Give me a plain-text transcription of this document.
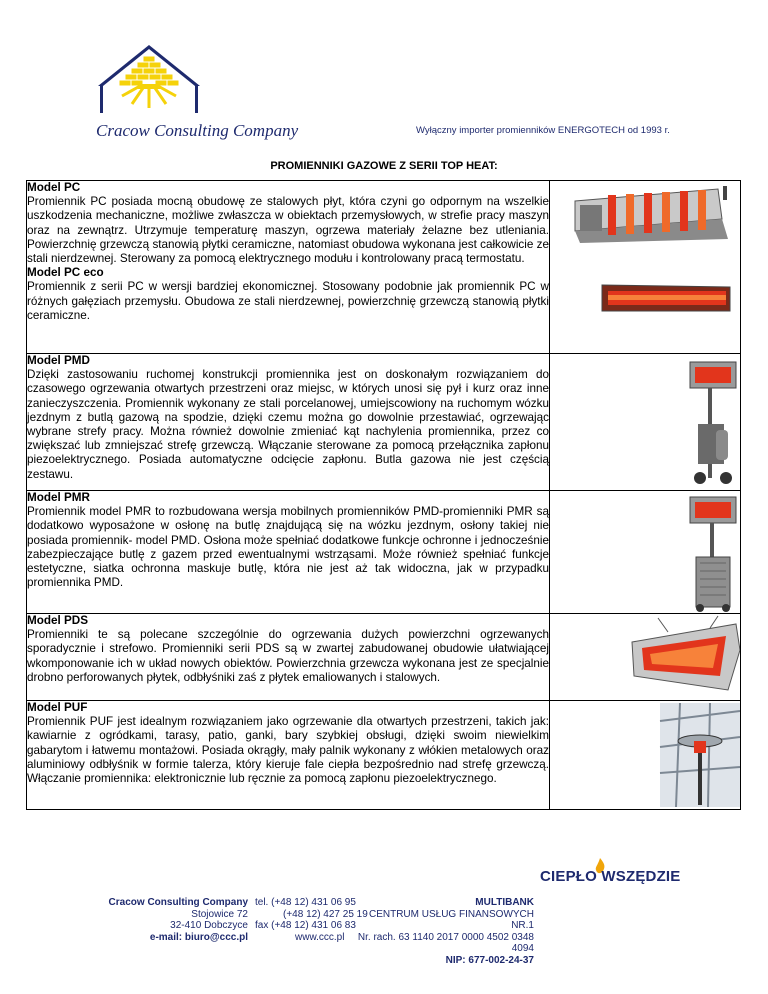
Cracow Consulting Company	Wyłączny importer promienników ENERGOTECH od 1993 r.
PROMIENNIKI GAZOWE Z SERII TOP HEAT:
Model PC
Promiennik PC posiada mocną obudowę ze stalowych płyt, która czyni go odpornym na wszelkie uszkodzenia mechaniczne, możliwe zwłaszcza w obiektach przemysłowych, w strefie pracy maszyn oraz na zewnątrz. Utrzymuje temperaturę maszyn, ogrzewa materiały żelazne bez utleniania. Powierzchnię grzewczą stanowią płytki ceramiczne, natomiast obudowa wykonana jest całkowicie ze stali nierdzewnej. Sterowany za pomocą elektrycznego modułu i kontrolowany pracą termostatu.
Model PC eco
Promiennik z serii PC w wersji bardziej ekonomicznej. Stosowany podobnie jak promiennik PC w różnych gałęziach przemysłu. Obudowa ze stali nierdzewnej, powierzchnię grzewczą stanowią płytki ceramiczne.

Model PMD
Dzięki zastosowaniu ruchomej konstrukcji promiennika jest on doskonałym rozwiązaniem do czasowego ogrzewania otwartych przestrzeni oraz miejsc, w których unosi się pył i kurz oraz inne zanieczyszczenia. Promiennik wykonany ze stali porcelanowej, umiejscowiony na ruchomym wózku jezdnym z butlą gazową na spodzie, dzięki czemu można go dowolnie przestawiać, ogrzewając wybrane strefy pracy. Można również dowolnie zmieniać kąt nachylenia promiennika, przez co zwiększać lub zmniejszać strefę grzewczą. Włączanie sterowane za pomocą przełącznika zapłonu piezoelektrycznego. Posiada automatyczne odcięcie zapłonu. Butla gazowa nie jest częścią zestawu.

Model PMR
Promiennik model PMR to rozbudowana wersja mobilnych promienników PMD-promienniki PMR są dodatkowo wyposażone w osłonę na butlę znajdującą się na wózku jezdnym, osłony takiej nie posiada promiennik- model PMD. Osłona może spełniać dodatkowe funkcje ochronne i jednocześnie zabezpieczające butlę z gazem przed ewentualnymi wstrząsami. Może również spełniać funkcje estetyczne, siatka ochronna maskuje butlę, która nie jest aż tak widoczna, jak w przypadku promiennika PMD.

Model PDS
Promienniki te są polecane szczególnie do ogrzewania dużych powierzchni ogrzewanych sporadycznie i strefowo. Promienniki serii PDS są w zwartej zabudowanej obudowie ułatwiającej wkomponowanie ich w układ nowych obiektów. Powierzchnia grzewcza wykonana jest ze specjalnie drobno perforowanych płytek, odbłyśniki zaś z płytek emaliowanych i stalowych.

Model PUF
Promiennik PUF jest idealnym rozwiązaniem jako ogrzewanie dla otwartych przestrzeni, takich jak: kawiarnie z ogródkami, tarasy, patio, ganki, bary szybkiej obsługi, dzięki swoim niewielkim gabarytom i łatwemu montażowi. Posiada okrągły, mały palnik wykonany z włókien metalowych oraz aluminiowy odbłyśnik w formie talerza, który kieruje fale ciepła bezpośrednio nad strefę grzewczą. Włączanie promiennika: elektronicznie lub ręcznie za pomocą zapłonu piezoelektrycznego.

CIEPŁO WSZĘDZIE
Cracow Consulting Company
Stojowice 72
32-410 Dobczyce
e-mail: biuro@ccc.pl
tel. (+48 12) 431 06 95
(+48 12) 427 25 19
fax (+48 12) 431 06 83
www.ccc.pl
MULTIBANK
CENTRUM USŁUG FINANSOWYCH NR.1
Nr. rach. 63 1140 2017 0000 4502 0348 4094
NIP: 677-002-24-37
